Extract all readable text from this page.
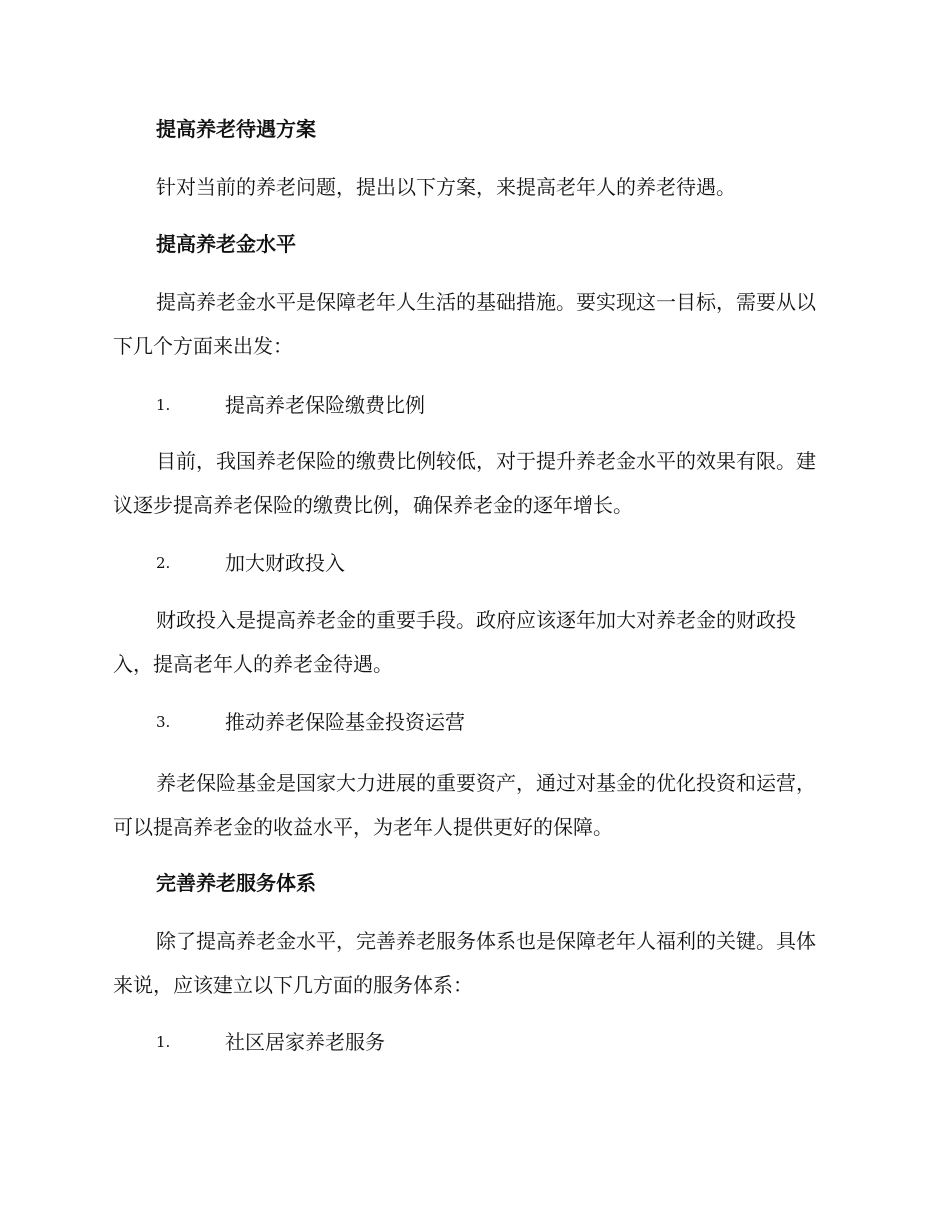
提高养老待遇方案
针对当前的养老问题，提出以下方案，来提高老年人的养老待遇。
提高养老金水平
提高养老金水平是保障老年人生活的基础措施。要实现这一目标，需要从以下几个方面来出发：
1.	提高养老保险缴费比例
目前，我国养老保险的缴费比例较低，对于提升养老金水平的效果有限。建议逐步提高养老保险的缴费比例，确保养老金的逐年增长。
2.	加大财政投入
财政投入是提高养老金的重要手段。政府应该逐年加大对养老金的财政投入，提高老年人的养老金待遇。
3.	推动养老保险基金投资运营
养老保险基金是国家大力进展的重要资产，通过对基金的优化投资和运营，可以提高养老金的收益水平，为老年人提供更好的保障。
完善养老服务体系
除了提高养老金水平，完善养老服务体系也是保障老年人福利的关键。具体来说，应该建立以下几方面的服务体系：
1.	社区居家养老服务
